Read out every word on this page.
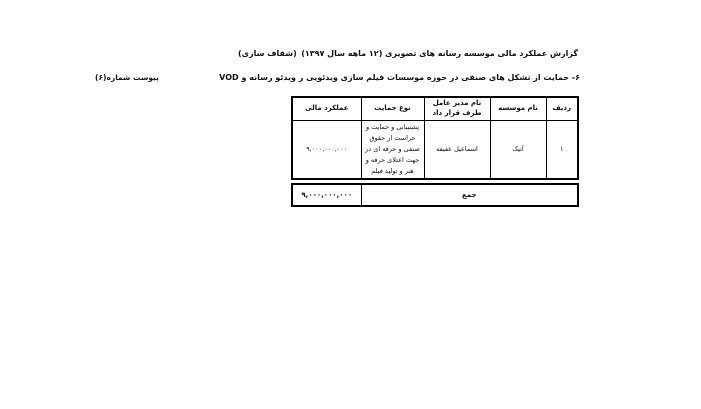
گزارش عملکرد مالی موسسه رسانه های تصویری (۱۲ ماهه سال ۱۳۹۷)
(شفاف سازی)
۶- حمایت از تشکل های صنفی در حوزه موسسات فیلم سازی ویدئویی ر ویدئو رسانه و VOD
پیوست شماره(۶)
ردیف	نام موسسه	نام مدیر عامل طرف قرار داد	نوع حمایت	عملکرد مالی
۱	آتیک	اسماعیل عفیفه	پشتیبانی و حمایت و حراست از حقوق صنفی و حرفه ای در جهت اعتلای حرفه و هنر و تولید فیلم	۹,۰۰۰,۰۰۰,۰۰۰
جمع	۹,۰۰۰,۰۰۰,۰۰۰
